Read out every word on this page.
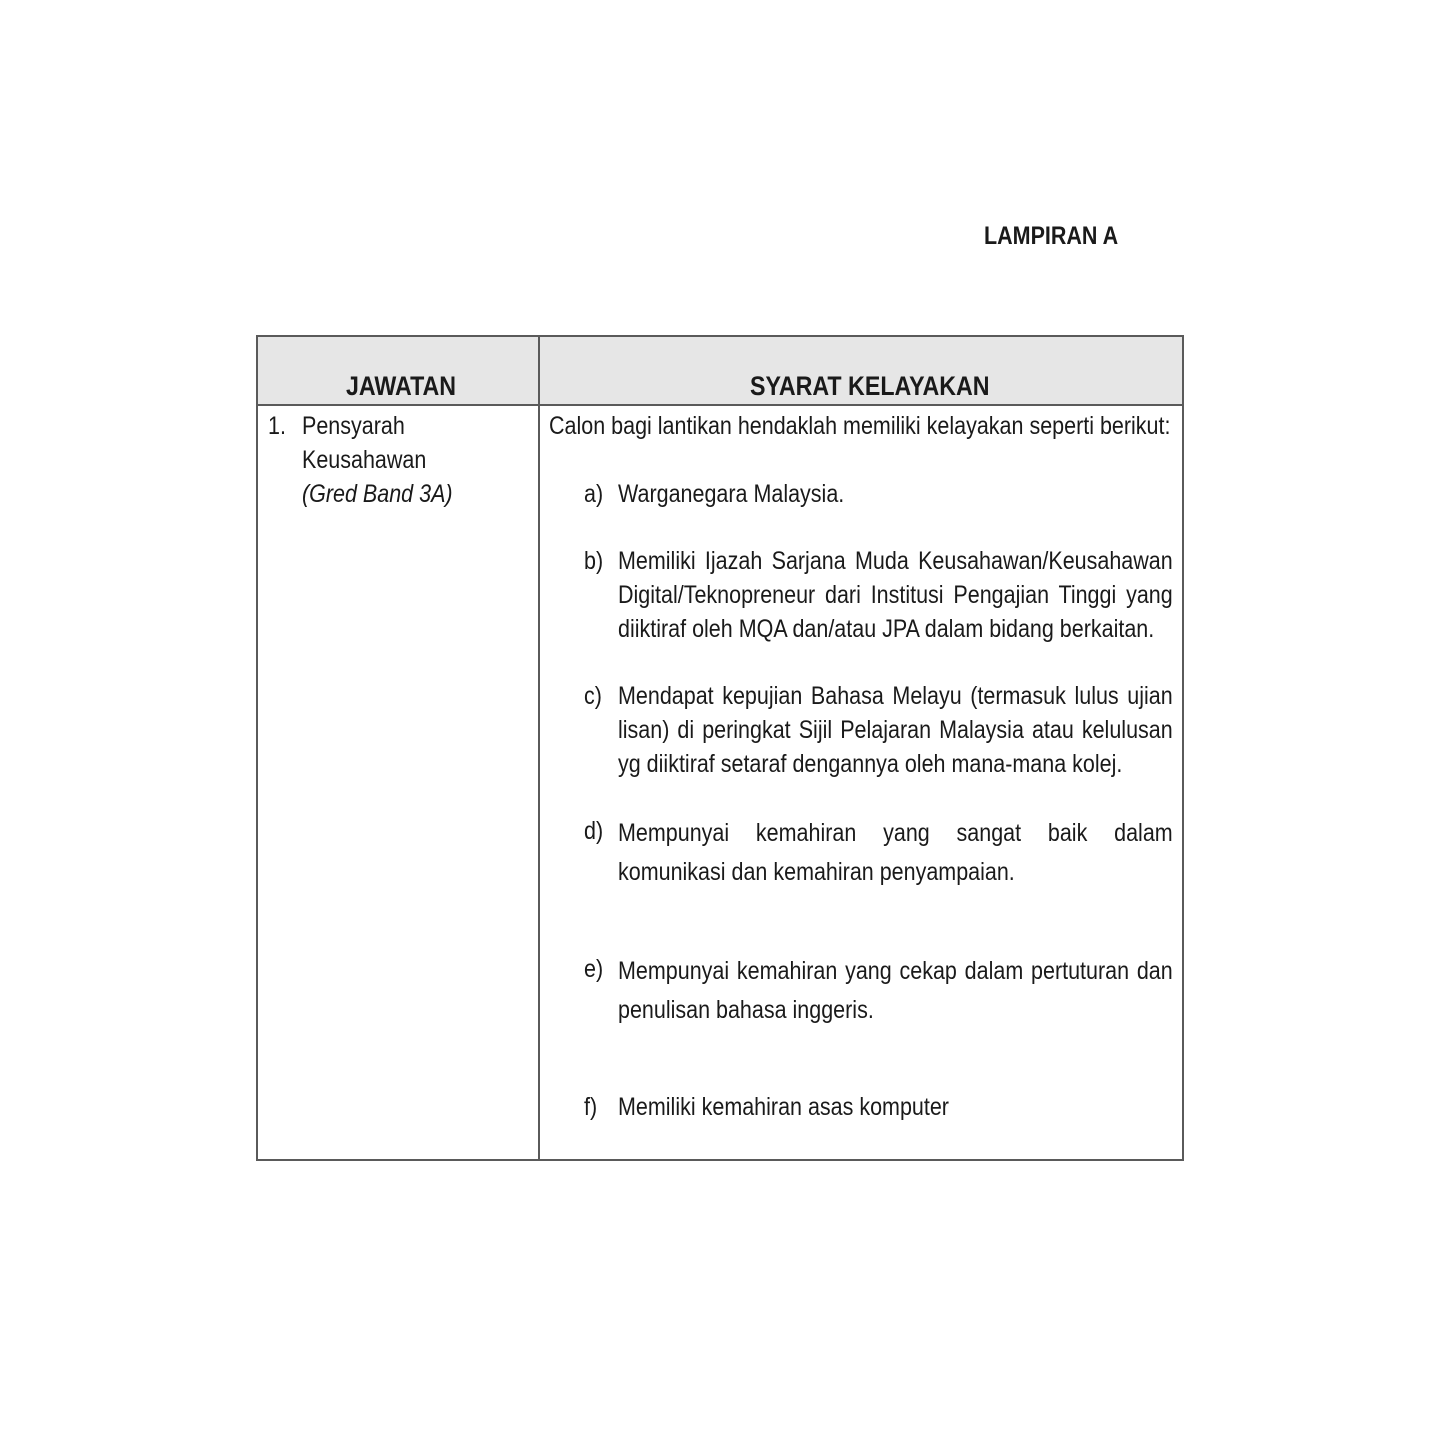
LAMPIRAN A
JAWATAN	SYARAT KELAYAKAN
1. Pensyarah
Keusahawan
(Gred Band 3A)
Calon bagi lantikan hendaklah memiliki kelayakan seperti berikut:
a) Warganegara Malaysia.
b) Memiliki Ijazah Sarjana Muda Keusahawan/Keusahawan Digital/Teknopreneur dari Institusi Pengajian Tinggi yang diiktiraf oleh MQA dan/atau JPA dalam bidang berkaitan.
c) Mendapat kepujian Bahasa Melayu (termasuk lulus ujian lisan) di peringkat Sijil Pelajaran Malaysia atau kelulusan yg diiktiraf setaraf dengannya oleh mana-mana kolej.
d) Mempunyai kemahiran yang sangat baik dalam komunikasi dan kemahiran penyampaian.
e) Mempunyai kemahiran yang cekap dalam pertuturan dan penulisan bahasa inggeris.
f) Memiliki kemahiran asas komputer
